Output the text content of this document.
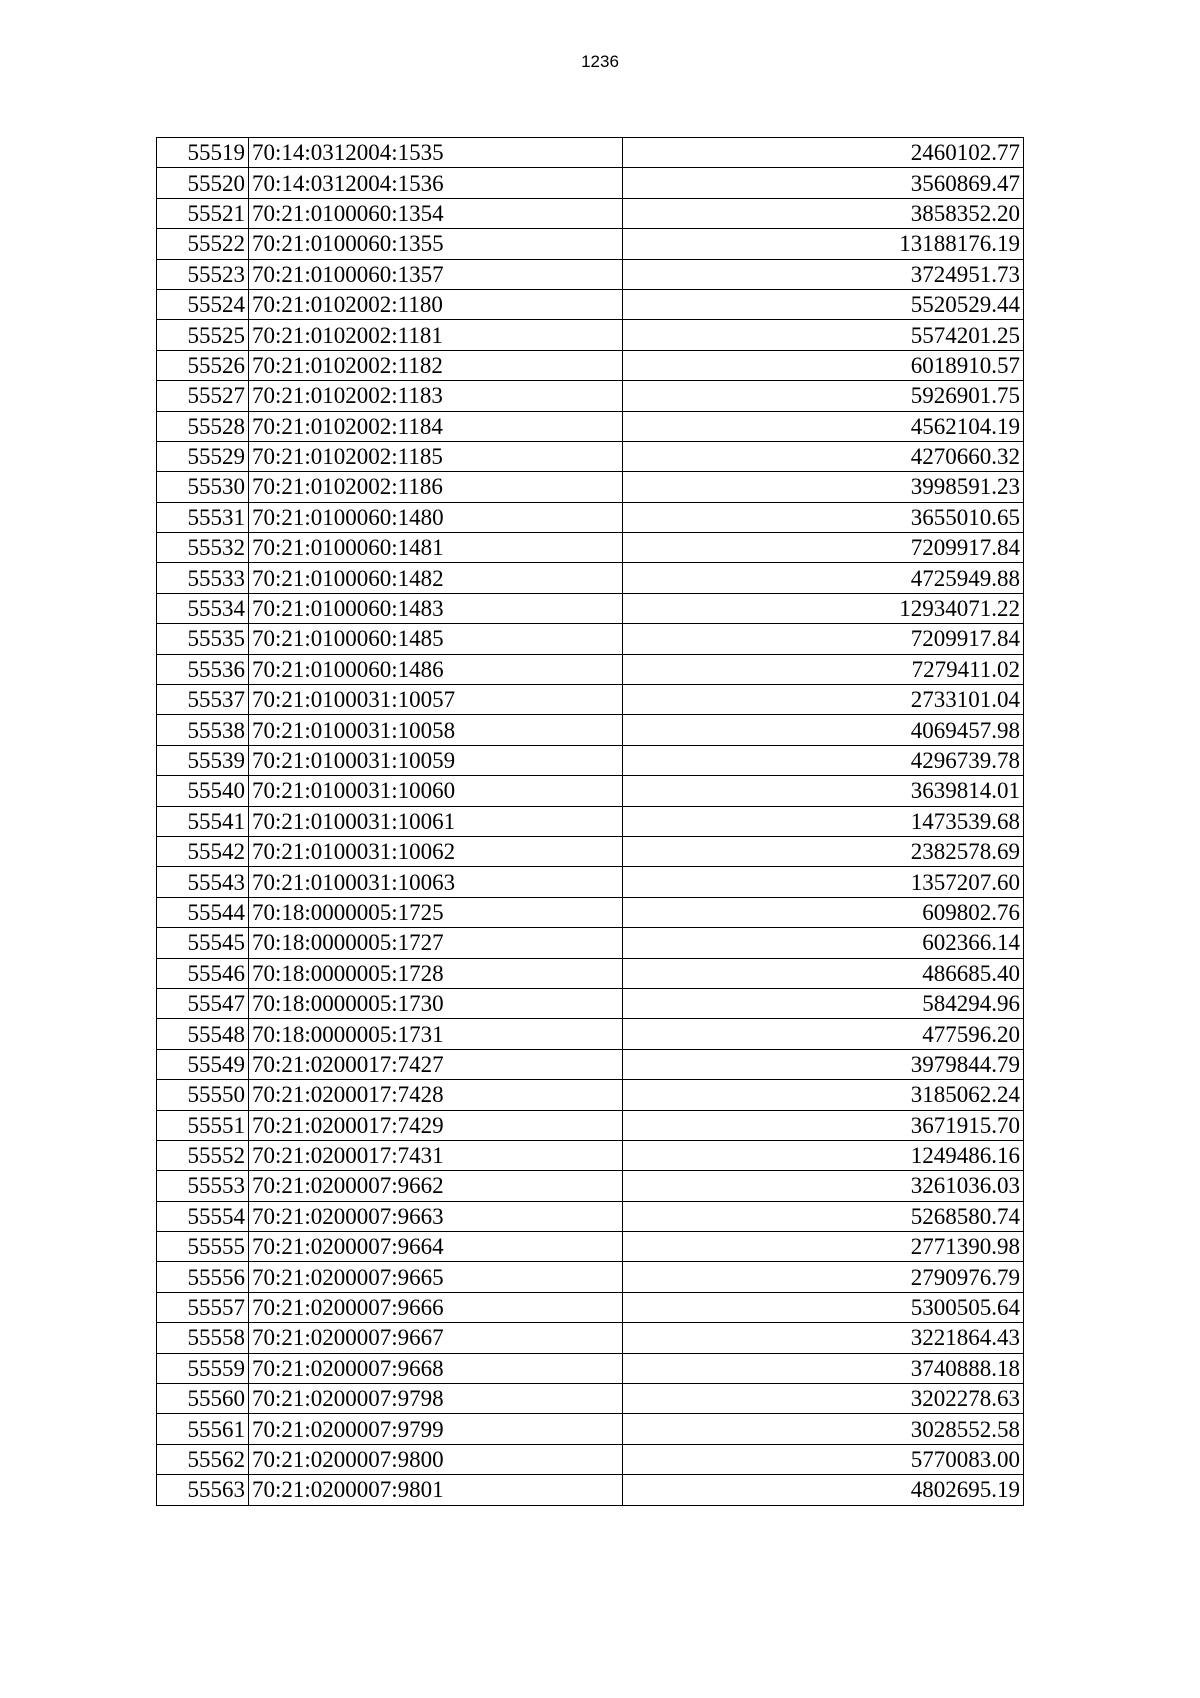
1236
55519	70:14:0312004:1535	2460102.77
55520	70:14:0312004:1536	3560869.47
55521	70:21:0100060:1354	3858352.20
55522	70:21:0100060:1355	13188176.19
55523	70:21:0100060:1357	3724951.73
55524	70:21:0102002:1180	5520529.44
55525	70:21:0102002:1181	5574201.25
55526	70:21:0102002:1182	6018910.57
55527	70:21:0102002:1183	5926901.75
55528	70:21:0102002:1184	4562104.19
55529	70:21:0102002:1185	4270660.32
55530	70:21:0102002:1186	3998591.23
55531	70:21:0100060:1480	3655010.65
55532	70:21:0100060:1481	7209917.84
55533	70:21:0100060:1482	4725949.88
55534	70:21:0100060:1483	12934071.22
55535	70:21:0100060:1485	7209917.84
55536	70:21:0100060:1486	7279411.02
55537	70:21:0100031:10057	2733101.04
55538	70:21:0100031:10058	4069457.98
55539	70:21:0100031:10059	4296739.78
55540	70:21:0100031:10060	3639814.01
55541	70:21:0100031:10061	1473539.68
55542	70:21:0100031:10062	2382578.69
55543	70:21:0100031:10063	1357207.60
55544	70:18:0000005:1725	609802.76
55545	70:18:0000005:1727	602366.14
55546	70:18:0000005:1728	486685.40
55547	70:18:0000005:1730	584294.96
55548	70:18:0000005:1731	477596.20
55549	70:21:0200017:7427	3979844.79
55550	70:21:0200017:7428	3185062.24
55551	70:21:0200017:7429	3671915.70
55552	70:21:0200017:7431	1249486.16
55553	70:21:0200007:9662	3261036.03
55554	70:21:0200007:9663	5268580.74
55555	70:21:0200007:9664	2771390.98
55556	70:21:0200007:9665	2790976.79
55557	70:21:0200007:9666	5300505.64
55558	70:21:0200007:9667	3221864.43
55559	70:21:0200007:9668	3740888.18
55560	70:21:0200007:9798	3202278.63
55561	70:21:0200007:9799	3028552.58
55562	70:21:0200007:9800	5770083.00
55563	70:21:0200007:9801	4802695.19
